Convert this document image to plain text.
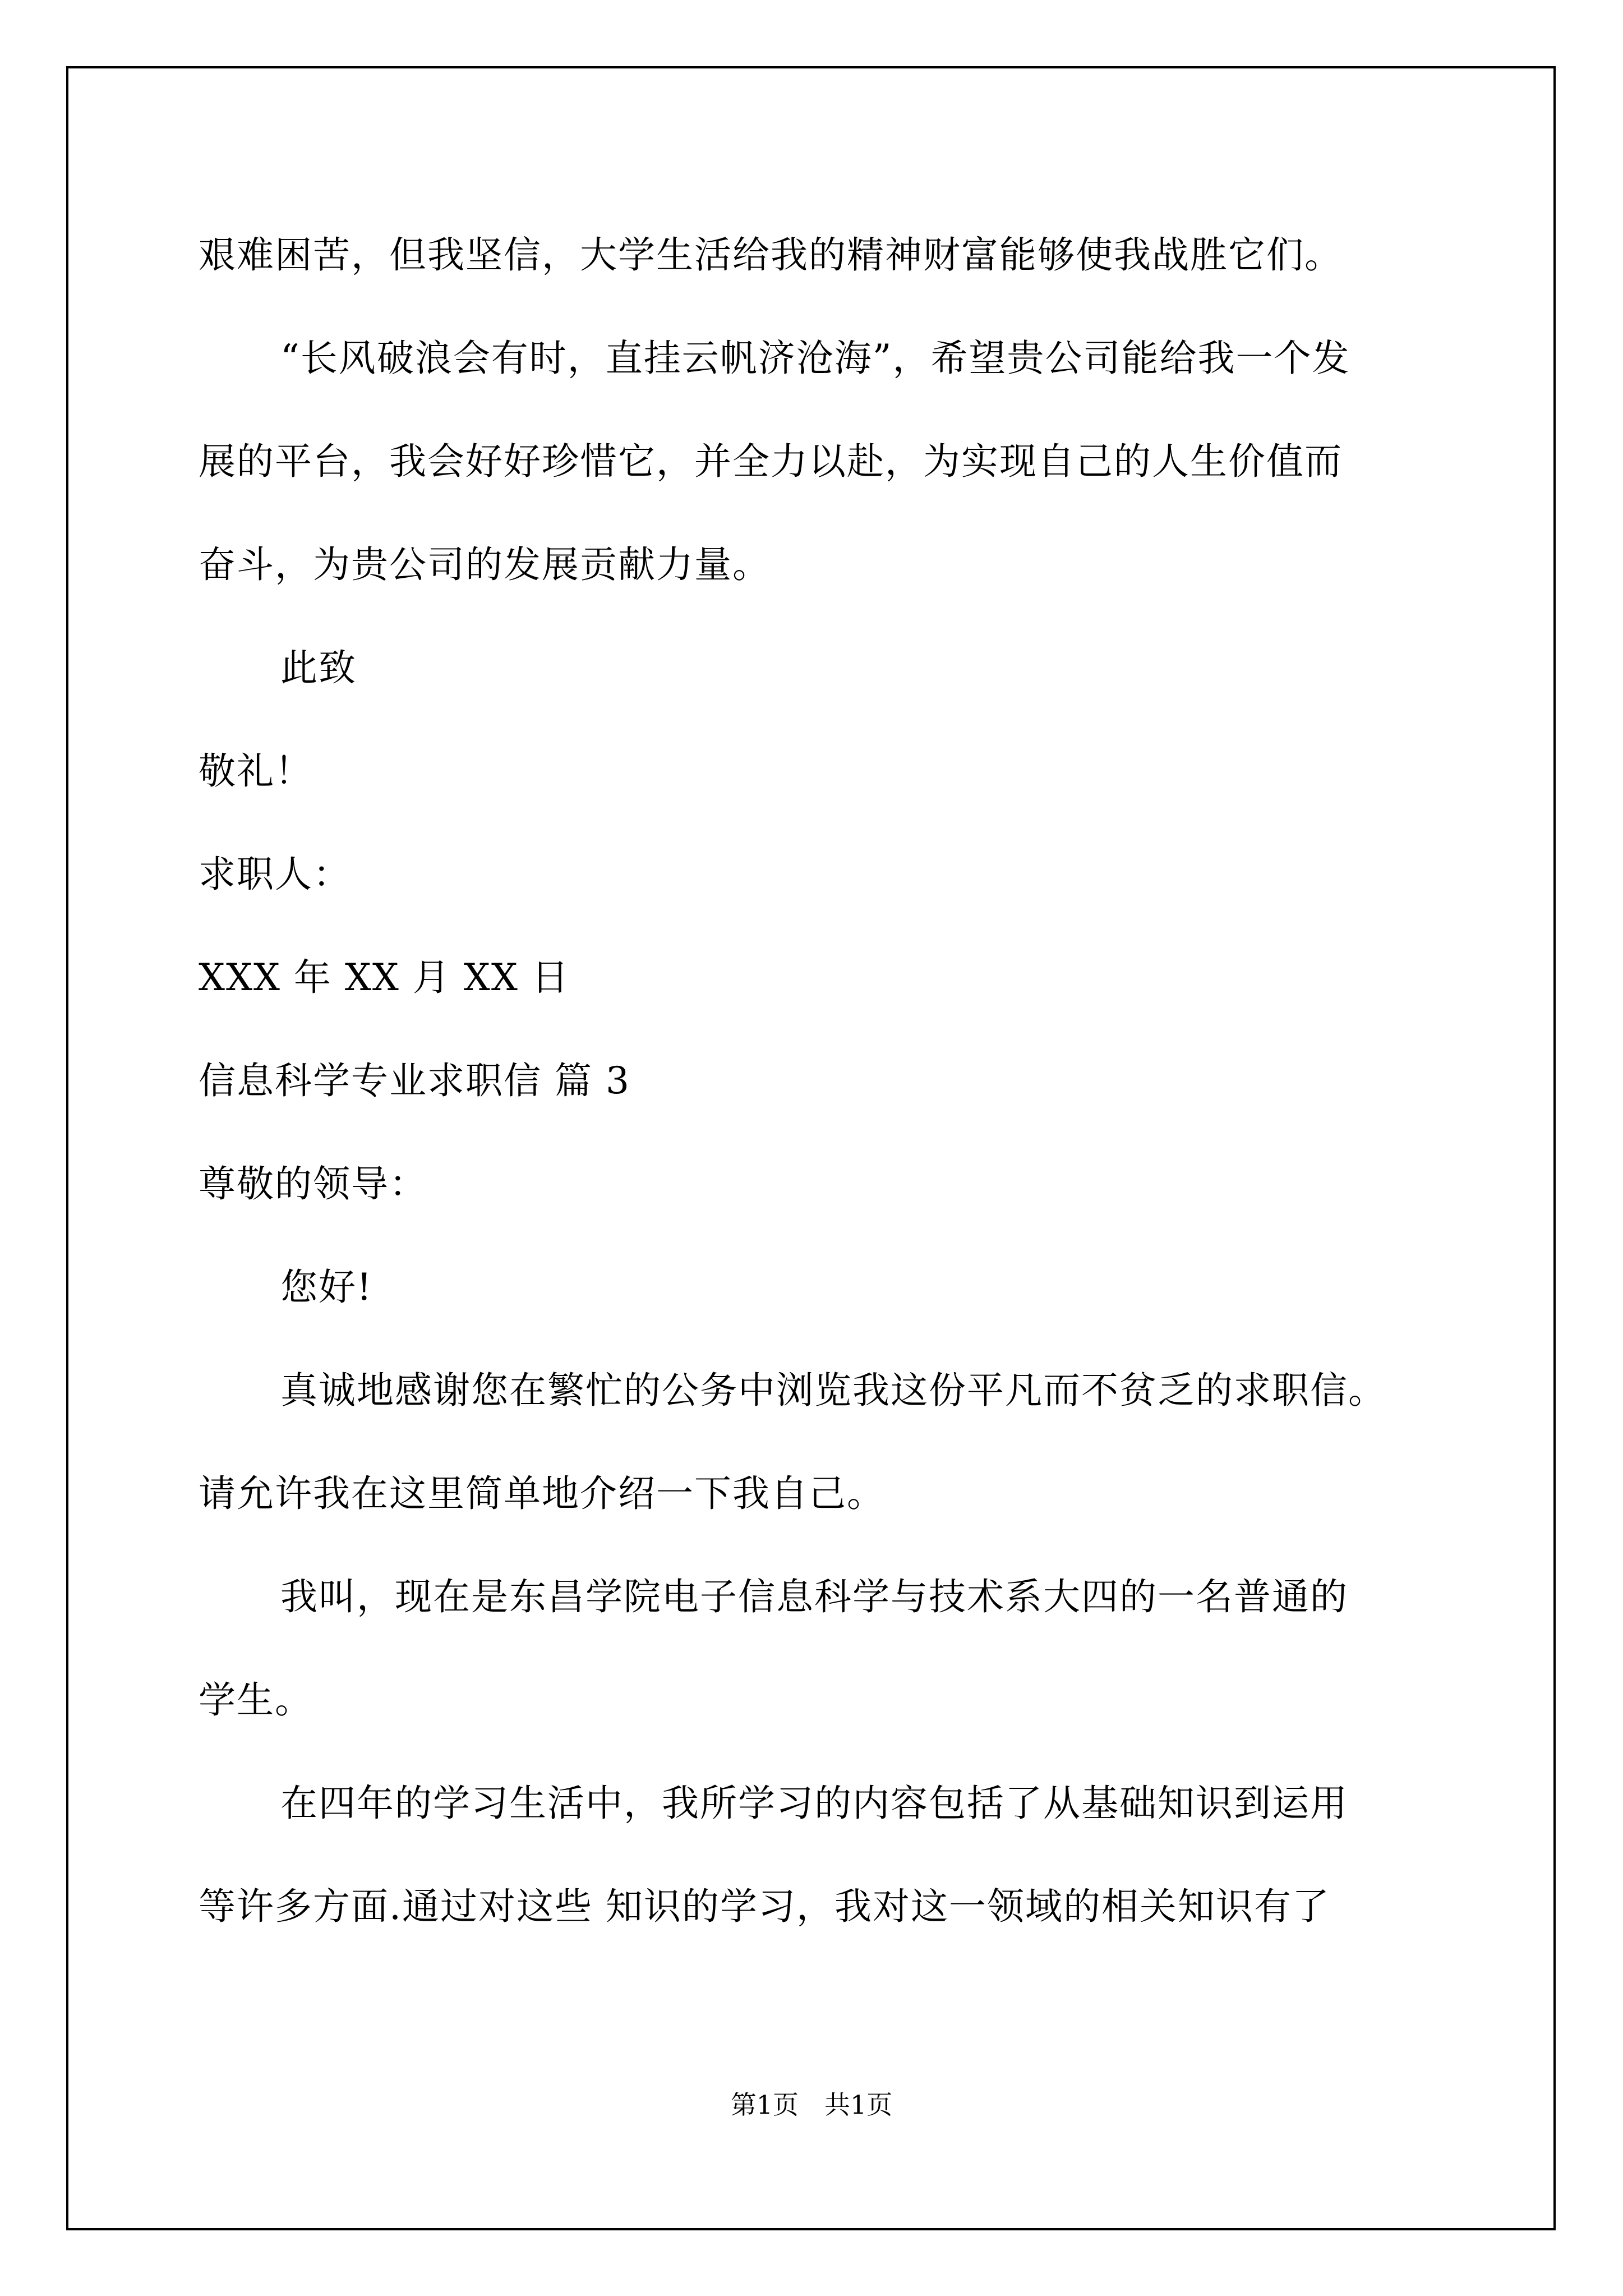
艰难困苦，但我坚信，大学生活给我的精神财富能够使我战胜它们。
“长风破浪会有时，直挂云帆济沧海”，希望贵公司能给我一个发
展的平台，我会好好珍惜它，并全力以赴，为实现自己的人生价值而
奋斗，为贵公司的发展贡献力量。
此致
敬礼！
求职人：
XXX 年 XX 月 XX 日
信息科学专业求职信 篇 3
尊敬的领导：
您好!
真诚地感谢您在繁忙的公务中浏览我这份平凡而不贫乏的求职信。
请允许我在这里简单地介绍一下我自己。
我叫，现在是东昌学院电子信息科学与技术系大四的一名普通的
学生。
在四年的学习生活中，我所学习的内容包括了从基础知识到运用
等许多方面.通过对这些 知识的学习，我对这一领域的相关知识有了
第1页　共1页
